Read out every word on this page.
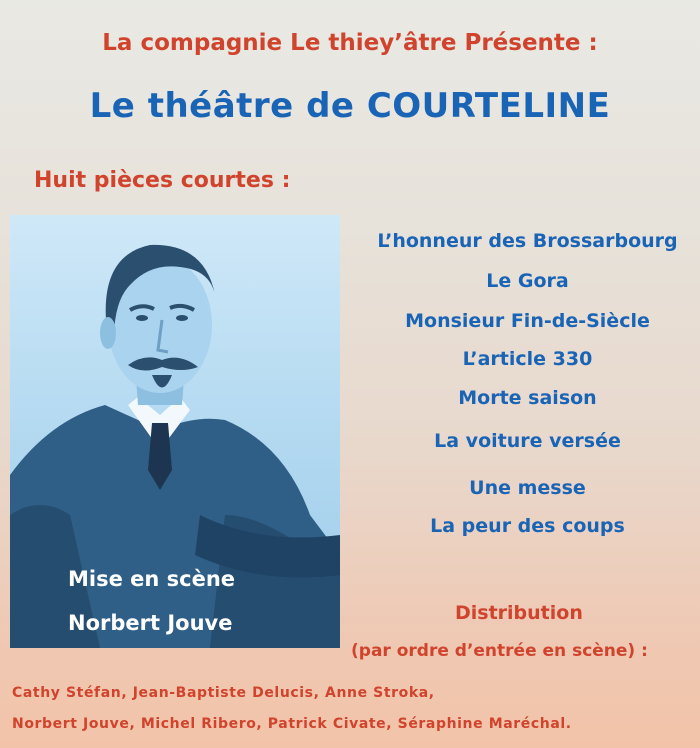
La compagnie Le thiey’âtre Présente :
Le théâtre de COURTELINE
Huit pièces courtes :
L’honneur des Brossarbourg
Le Gora
Monsieur Fin-de-Siècle
L’article 330
Morte saison
La voiture versée
Une messe
La peur des coups
Mise en scène
Norbert Jouve	Distribution
(par ordre d’entrée en scène) :
Cathy Stéfan, Jean-Baptiste Delucis, Anne Stroka,
Norbert Jouve, Michel Ribero, Patrick Civate, Séraphine Maréchal.
